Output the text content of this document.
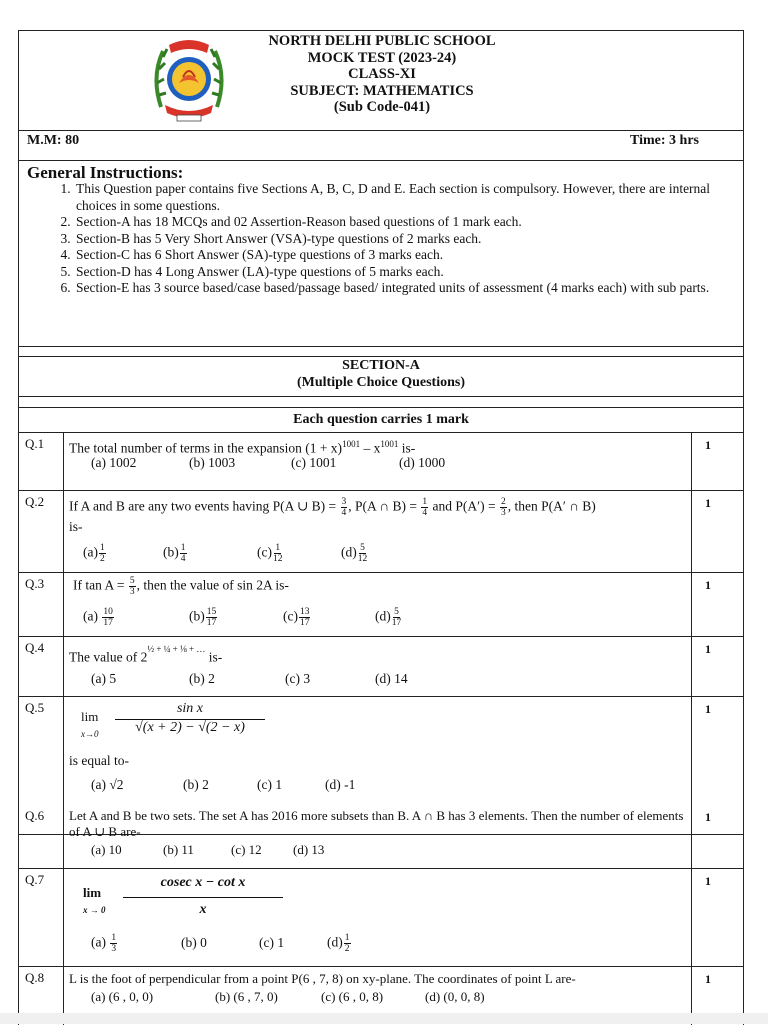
NORTH DELHI PUBLIC SCHOOL
MOCK TEST (2023-24)
CLASS-XI
SUBJECT: MATHEMATICS
(Sub Code-041)
M.M: 80	Time: 3 hrs
General Instructions:
1. This Question paper contains five Sections A, B, C, D and E. Each section is compulsory. However, there are internal choices in some questions.
2. Section-A has 18 MCQs and 02 Assertion-Reason based questions of 1 mark each.
3. Section-B has 5 Very Short Answer (VSA)-type questions of 2 marks each.
4. Section-C has 6 Short Answer (SA)-type questions of 3 marks each.
5. Section-D has 4 Long Answer (LA)-type questions of 5 marks each.
6. Section-E has 3 source based/case based/passage based/ integrated units of assessment (4 marks each) with sub parts.
SECTION-A
(Multiple Choice Questions)
Each question carries 1 mark
Q.1 The total number of terms in the expansion $(1 + x)^{1001} - x^{1001}$ is-
(a) 1002	(b) 1003	(c) 1001	(d) 1000
1
Q.2 If A and B are any two events having P(A ∪ $B) = \frac{3}{4}$ , P(A ∩ $B) = \frac{1}{4}$ and $P(A') = \frac{2}{3}$ , then P(A′ ∩ B)
is-
$(a) \frac{1}{2}$	$(b) \frac{1}{4}$	$(c) \frac{1}{12}$	$(d) \frac{5}{12}$
1
Q.3 If $\tan A = \frac{5}{3}$ , then the value of sin 2A is-
$(a) \frac{10}{17}$	$(b) \frac{15}{17}$	$(c) \frac{13}{17}$	$(d) \frac{5}{17}$
1
Q.4
The value of $2^{\frac{1}{2} + \frac{1}{4} + \frac{1}{8} + \dots}$ is-
(a) 5	(b) 2	(c) 3	(d) 14
1
Q.5
lim
$x\to 0 \frac{\text{sin x}}{√(x + 2) - √(2 - x)}$
is equal to-
(a) √2	(b) 2	(c) 1	(d) -1
1
Q.6 Let A and B be two sets. The set A has 2016 more subsets than B. A ∩ B has 3 elements. Then the number of elements of A ∪ B are-
(a) 10	(b) 11	(c) 12 (d) 13
1
Q.7
lim
$x \to 0 \frac{\text{cosec x − cot x}}{x}$
$(a) \frac{1}{3}$	(b) 0	(c) 1	$(d) \frac{1}{2}$
1
Q.8 L is the foot of perpendicular from a point P(6 , 7, 8) on xy-plane. The coordinates of point L are-
(a) (6 , 0, 0)	(b) (6 , 7, 0)	(c) (6 , 0, 8)	(d) (0, 0, 8)
1
